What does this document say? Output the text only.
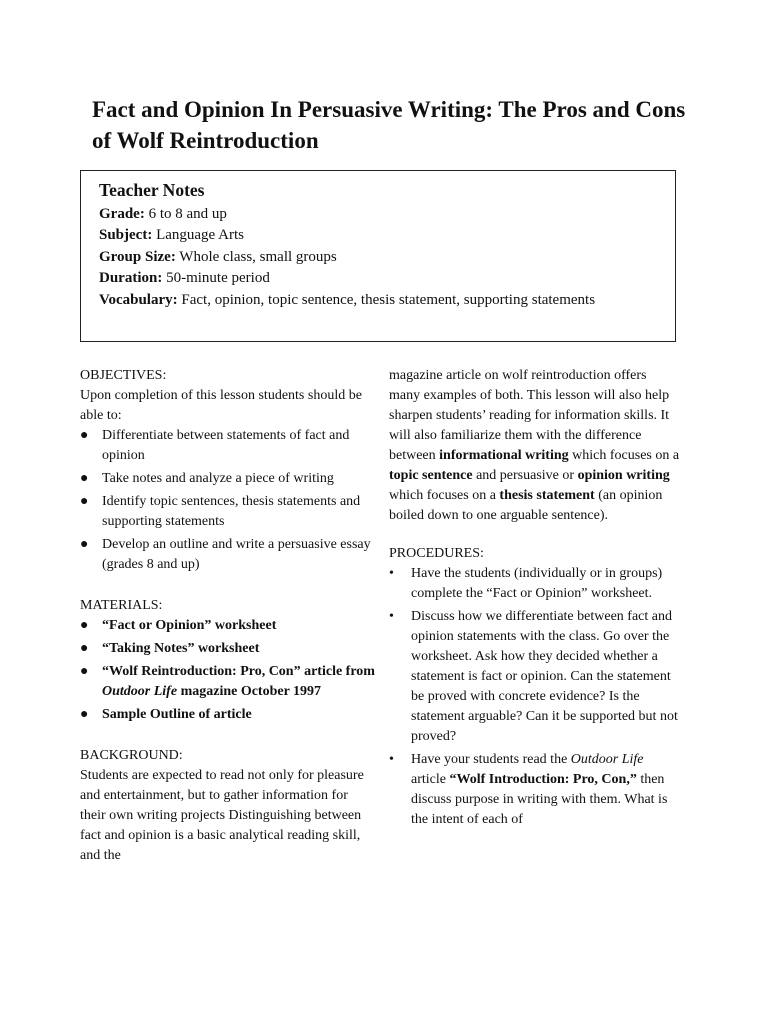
Fact and Opinion In Persuasive Writing: The Pros and Cons of Wolf Reintroduction
Teacher Notes
Grade: 6 to 8 and up
Subject: Language Arts
Group Size: Whole class, small groups
Duration: 50-minute period
Vocabulary: Fact, opinion, topic sentence, thesis statement, supporting statements
OBJECTIVES:
Upon completion of this lesson students should be able to:
● Differentiate between statements of fact and opinion
● Take notes and analyze a piece of writing
● Identify topic sentences, thesis statements and supporting statements
● Develop an outline and write a persuasive essay (grades 8 and up)
MATERIALS:
● “Fact or Opinion” worksheet
● “Taking Notes” worksheet
● “Wolf Reintroduction: Pro, Con” article from Outdoor Life magazine October 1997
● Sample Outline of article
BACKGROUND:
Students are expected to read not only for pleasure and entertainment, but to gather information for their own writing projects Distinguishing between fact and opinion is a basic analytical reading skill, and the
magazine article on wolf reintroduction offers many examples of both. This lesson will also help sharpen students’ reading for information skills. It will also familiarize them with the difference between informational writing which focuses on a topic sentence and persuasive or opinion writing which focuses on a thesis statement (an opinion boiled down to one arguable sentence).
PROCEDURES:
• Have the students (individually or in groups) complete the “Fact or Opinion” worksheet.
• Discuss how we differentiate between fact and opinion statements with the class. Go over the worksheet. Ask how they decided whether a statement is fact or opinion. Can the statement be proved with concrete evidence? Is the statement arguable? Can it be supported but not proved?
• Have your students read the Outdoor Life article “Wolf Introduction: Pro, Con,” then discuss purpose in writing with them. What is the intent of each of
